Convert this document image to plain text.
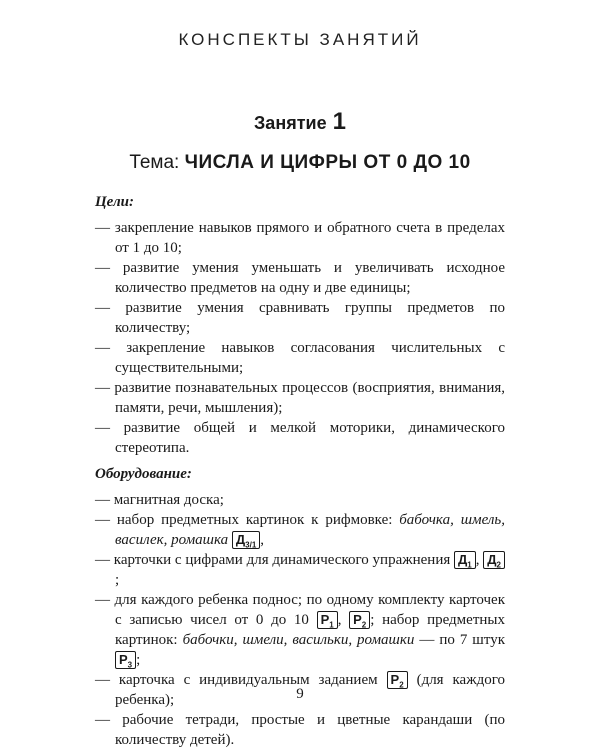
КОНСПЕКТЫ ЗАНЯТИЙ
Занятие 1
Тема: ЧИСЛА И ЦИФРЫ ОТ 0 ДО 10
Цели:
— закрепление навыков прямого и обратного счета в пределах от 1 до 10;
— развитие умения уменьшать и увеличивать исходное количество предметов на одну и две единицы;
— развитие умения сравнивать группы предметов по количеству;
— закрепление навыков согласования числительных с существительными;
— развитие познавательных процессов (восприятия, внимания, памяти, речи, мышления);
— развитие общей и мелкой моторики, динамического стереотипа.
Оборудование:
— магнитная доска;
— набор предметных картинок к рифмовке: бабочка, шмель, василек, ромашка $Д_{3/1}$ ,
— карточки с цифрами для динамического упражнения $Д_1$ , $Д_2$;
— для каждого ребенка поднос; по одному комплекту карточек с записью чисел от 0 до 10 $Р_1$ , $Р_2$ ; набор предметных картинок: бабочки, шмели, васильки, ромашки — по 7 штук $Р_3$ ;
— карточка с индивидуальным заданием $Р_2$ (для каждого ребенка);
— рабочие тетради, простые и цветные карандаши (по количеству детей).
9
